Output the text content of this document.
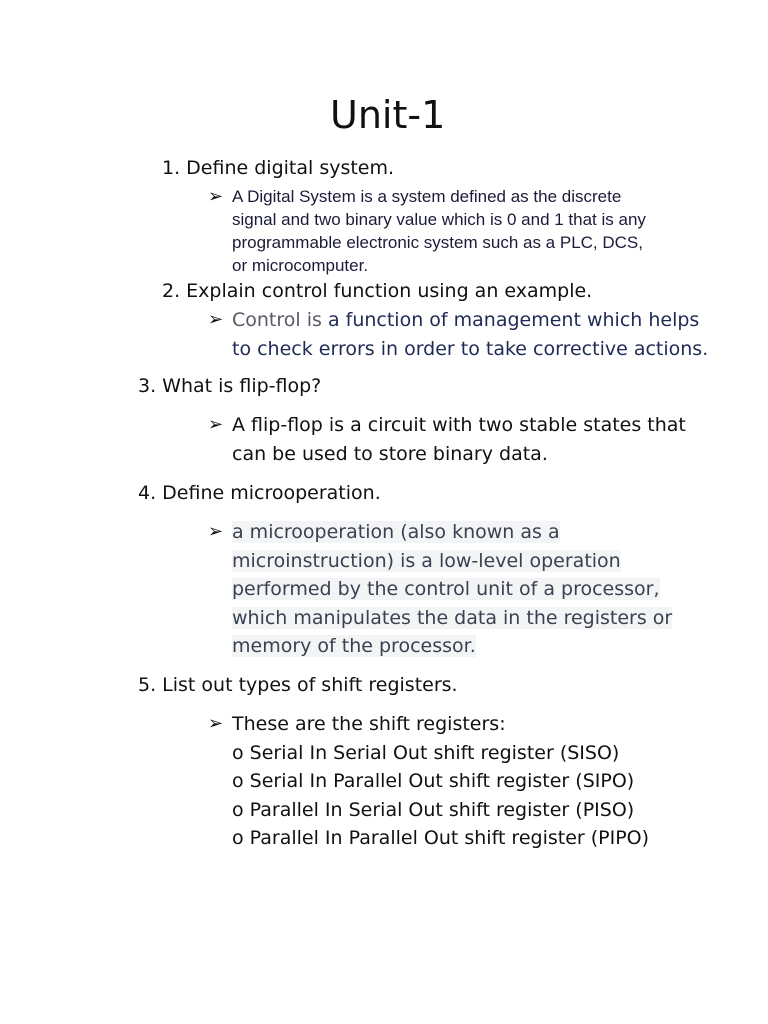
Unit-1
1. Define digital system.
➢ A Digital System is a system defined as the discrete
signal and two binary value which is 0 and 1 that is any
programmable electronic system such as a PLC, DCS,
or microcomputer.
2. Explain control function using an example.
➢ Control is a function of management which helps
to check errors in order to take corrective actions.
3. What is flip-flop?
➢ A flip-flop is a circuit with two stable states that
can be used to store binary data.
4. Define microoperation.
➢ a microoperation (also known as a
microinstruction) is a low-level operation
performed by the control unit of a processor,
which manipulates the data in the registers or
memory of the processor.
5. List out types of shift registers.
➢ These are the shift registers:
o Serial In Serial Out shift register (SISO)
o Serial In Parallel Out shift register (SIPO)
o Parallel In Serial Out shift register (PISO)
o Parallel In Parallel Out shift register (PIPO)
